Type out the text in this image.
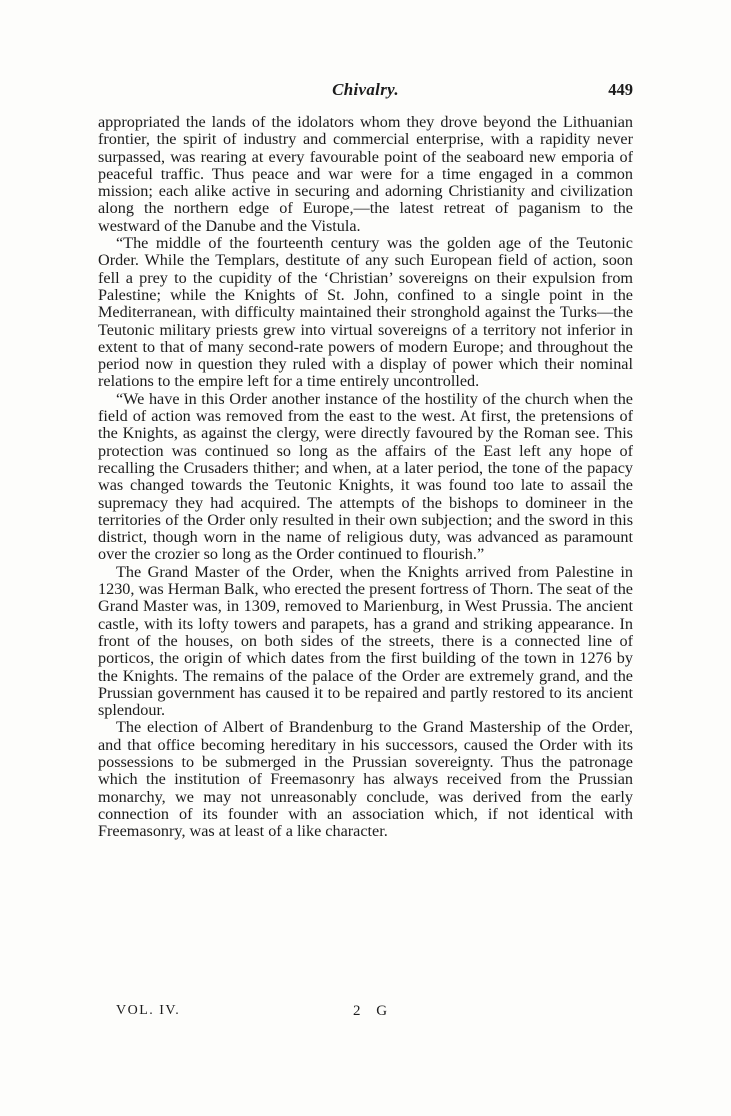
Chivalry.	449

appropriated the lands of the idolators whom they drove beyond the Lithuanian frontier, the spirit of industry and commercial enterprise, with a rapidity never surpassed, was rearing at every favourable point of the seaboard new emporia of peaceful traffic. Thus peace and war were for a time engaged in a common mission; each alike active in securing and adorning Christianity and civilization along the northern edge of Europe,—the latest retreat of paganism to the westward of the Danube and the Vistula.

“The middle of the fourteenth century was the golden age of the Teutonic Order. While the Templars, destitute of any such European field of action, soon fell a prey to the cupidity of the ‘Christian’ sovereigns on their expulsion from Palestine; while the Knights of St. John, confined to a single point in the Mediterranean, with difficulty maintained their stronghold against the Turks—the Teutonic military priests grew into virtual sovereigns of a territory not inferior in extent to that of many second-rate powers of modern Europe; and throughout the period now in question they ruled with a display of power which their nominal relations to the empire left for a time entirely uncontrolled.

“We have in this Order another instance of the hostility of the church when the field of action was removed from the east to the west. At first, the pretensions of the Knights, as against the clergy, were directly favoured by the Roman see. This protection was continued so long as the affairs of the East left any hope of recalling the Crusaders thither; and when, at a later period, the tone of the papacy was changed towards the Teutonic Knights, it was found too late to assail the supremacy they had acquired. The attempts of the bishops to domineer in the territories of the Order only resulted in their own subjection; and the sword in this district, though worn in the name of religious duty, was advanced as paramount over the crozier so long as the Order continued to flourish.”

The Grand Master of the Order, when the Knights arrived from Palestine in 1230, was Herman Balk, who erected the present fortress of Thorn. The seat of the Grand Master was, in 1309, removed to Marienburg, in West Prussia. The ancient castle, with its lofty towers and parapets, has a grand and striking appearance. In front of the houses, on both sides of the streets, there is a connected line of porticos, the origin of which dates from the first building of the town in 1276 by the Knights. The remains of the palace of the Order are extremely grand, and the Prussian government has caused it to be repaired and partly restored to its ancient splendour.

The election of Albert of Brandenburg to the Grand Mastership of the Order, and that office becoming hereditary in his successors, caused the Order with its possessions to be submerged in the Prussian sovereignty. Thus the patronage which the institution of Freemasonry has always received from the Prussian monarchy, we may not unreasonably conclude, was derived from the early connection of its founder with an association which, if not identical with Freemasonry, was at least of a like character.

VOL. IV.	2 G
